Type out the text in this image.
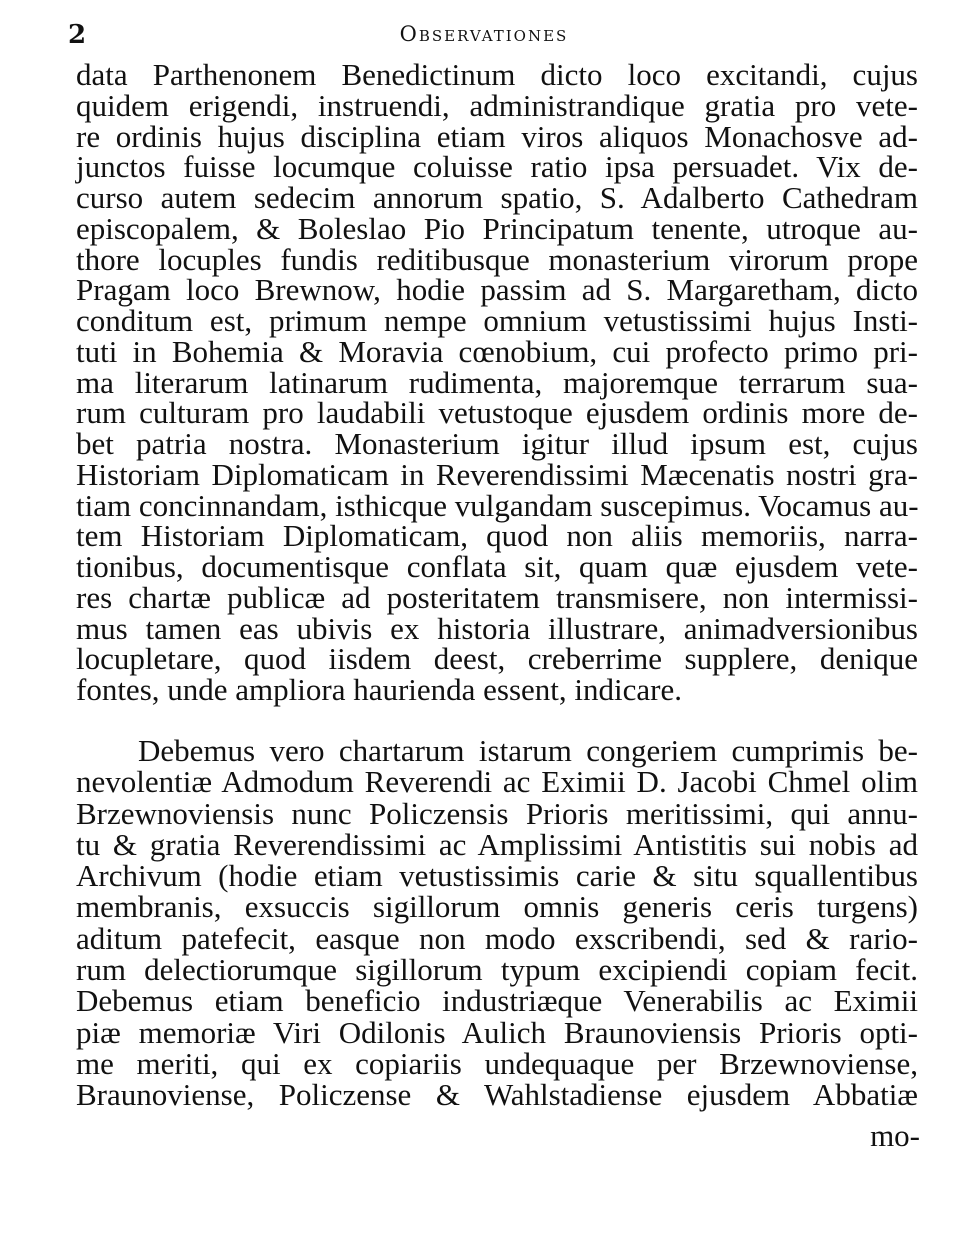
2	Observationes
data Parthenonem Benedictinum dicto loco excitandi, cujus
quidem erigendi, instruendi, administrandique gratia pro vete-
re ordinis hujus disciplina etiam viros aliquos Monachosve ad-
junctos fuisse locumque coluisse ratio ipsa persuadet. Vix de-
curso autem sedecim annorum spatio, S. Adalberto Cathedram
episcopalem, & Boleslao Pio Principatum tenente, utroque au-
thore locuples fundis reditibusque monasterium virorum prope
Pragam loco Brewnow, hodie passim ad S. Margaretham, dicto
conditum est, primum nempe omnium vetustissimi hujus Insti-
tuti in Bohemia & Moravia cœnobium, cui profecto primo pri-
ma literarum latinarum rudimenta, majoremque terrarum sua-
rum culturam pro laudabili vetustoque ejusdem ordinis more de-
bet patria nostra. Monasterium igitur illud ipsum est, cujus
Historiam Diplomaticam in Reverendissimi Mæcenatis nostri gra-
tiam concinnandam, isthicque vulgandam suscepimus. Vocamus au-
tem Historiam Diplomaticam, quod non aliis memoriis, narra-
tionibus, documentisque conflata sit, quam quæ ejusdem vete-
res chartæ publicæ ad posteritatem transmisere, non intermissi-
mus tamen eas ubivis ex historia illustrare, animadversionibus
locupletare, quod iisdem deest, creberrime supplere, denique
fontes, unde ampliora haurienda essent, indicare.
Debemus vero chartarum istarum congeriem cumprimis be-
nevolentiæ Admodum Reverendi ac Eximii D. Jacobi Chmel olim
Brzewnoviensis nunc Policzensis Prioris meritissimi, qui annu-
tu & gratia Reverendissimi ac Amplissimi Antistitis sui nobis ad
Archivum (hodie etiam vetustissimis carie & situ squallentibus
membranis, exsuccis sigillorum omnis generis ceris turgens)
aditum patefecit, easque non modo exscribendi, sed & rario-
rum delectiorumque sigillorum typum excipiendi copiam fecit.
Debemus etiam beneficio industriæque Venerabilis ac Eximii
piæ memoriæ Viri Odilonis Aulich Braunoviensis Prioris opti-
me meriti, qui ex copiariis undequaque per Brzewnoviense,
Braunoviense, Policzense & Wahlstadiense ejusdem Abbatiæ
mo-
